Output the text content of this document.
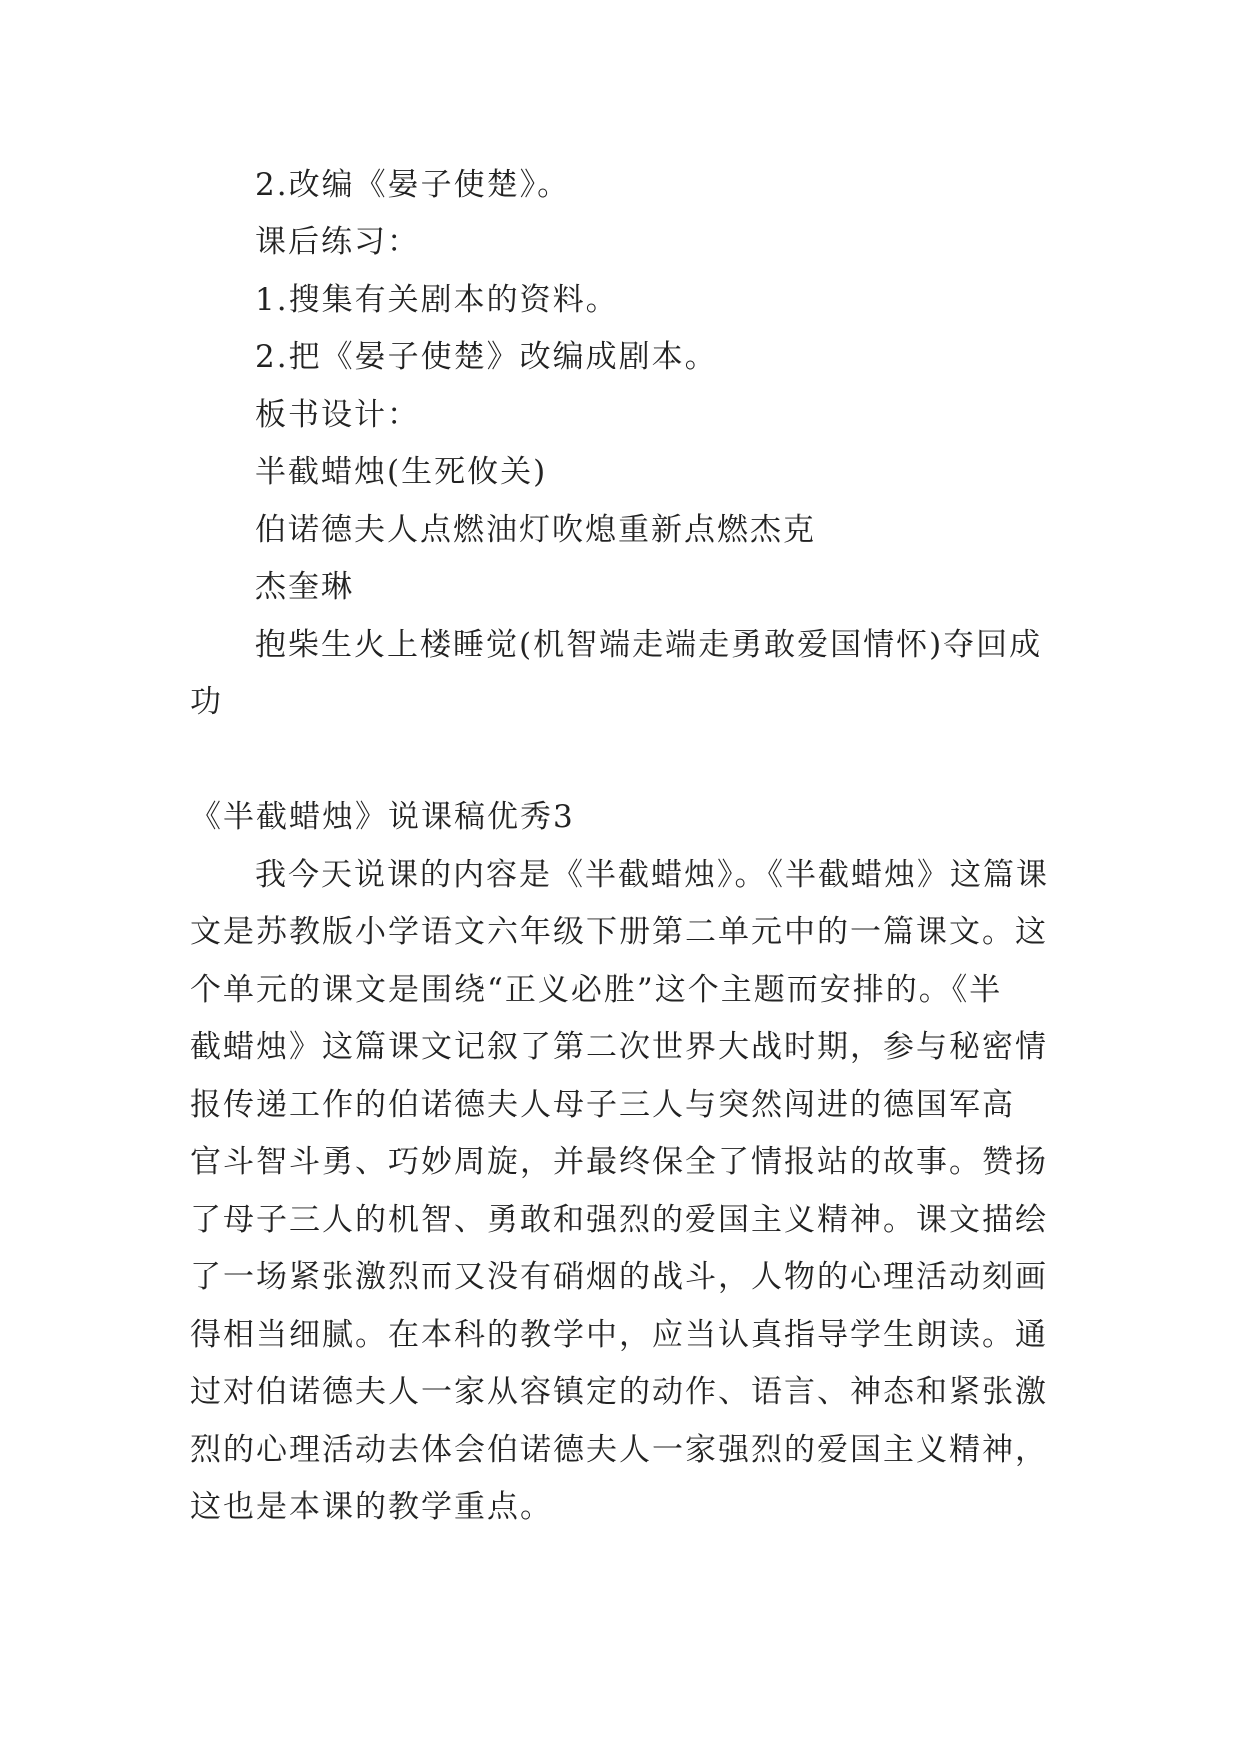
2.改编《晏子使楚》。
课后练习：
1.搜集有关剧本的资料。
2.把《晏子使楚》改编成剧本。
板书设计：
半截蜡烛(生死攸关)
伯诺德夫人点燃油灯吹熄重新点燃杰克
杰奎琳
抱柴生火上楼睡觉(机智端走端走勇敢爱国情怀)夺回成
功
《半截蜡烛》说课稿优秀3
我今天说课的内容是《半截蜡烛》。《半截蜡烛》这篇课
文是苏教版小学语文六年级下册第二单元中的一篇课文。这
个单元的课文是围绕“正义必胜”这个主题而安排的。《半
截蜡烛》这篇课文记叙了第二次世界大战时期，参与秘密情
报传递工作的伯诺德夫人母子三人与突然闯进的德国军高
官斗智斗勇、巧妙周旋，并最终保全了情报站的故事。赞扬
了母子三人的机智、勇敢和强烈的爱国主义精神。课文描绘
了一场紧张激烈而又没有硝烟的战斗，人物的心理活动刻画
得相当细腻。在本科的教学中，应当认真指导学生朗读。通
过对伯诺德夫人一家从容镇定的动作、语言、神态和紧张激
烈的心理活动去体会伯诺德夫人一家强烈的爱国主义精神，
这也是本课的教学重点。
